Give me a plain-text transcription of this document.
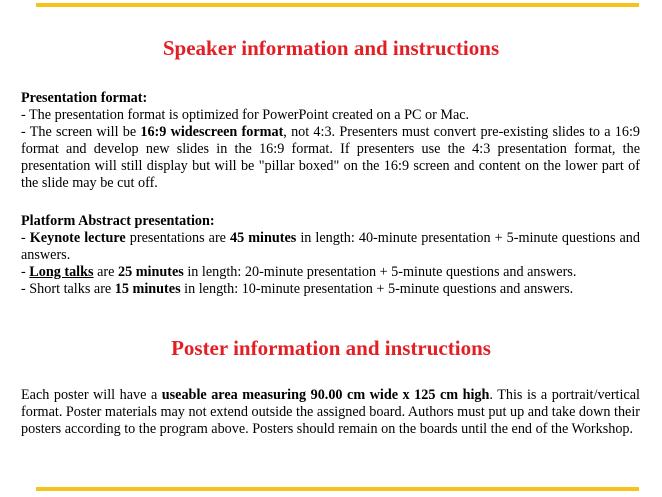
Speaker information and instructions

Presentation format:

- The presentation format is optimized for PowerPoint created on a PC or Mac.

- The screen will be 16:9 widescreen format, not 4:3. Presenters must convert pre-existing slides to a 16:9 format and develop new slides in the 16:9 format. If presenters use the 4:3 presentation format, the presentation will still display but will be "pillar boxed" on the 16:9 screen and content on the lower part of the slide may be cut off.

Platform Abstract presentation:

- Keynote lecture presentations are 45 minutes in length: 40-minute presentation + 5-minute questions and answers.

- Long talks are 25 minutes in length: 20-minute presentation + 5-minute questions and answers.

- Short talks are 15 minutes in length: 10-minute presentation + 5-minute questions and answers.

Poster information and instructions

Each poster will have a useable area measuring 90.00 cm wide x 125 cm high. This is a portrait/vertical format. Poster materials may not extend outside the assigned board. Authors must put up and take down their posters according to the program above. Posters should remain on the boards until the end of the Workshop.
